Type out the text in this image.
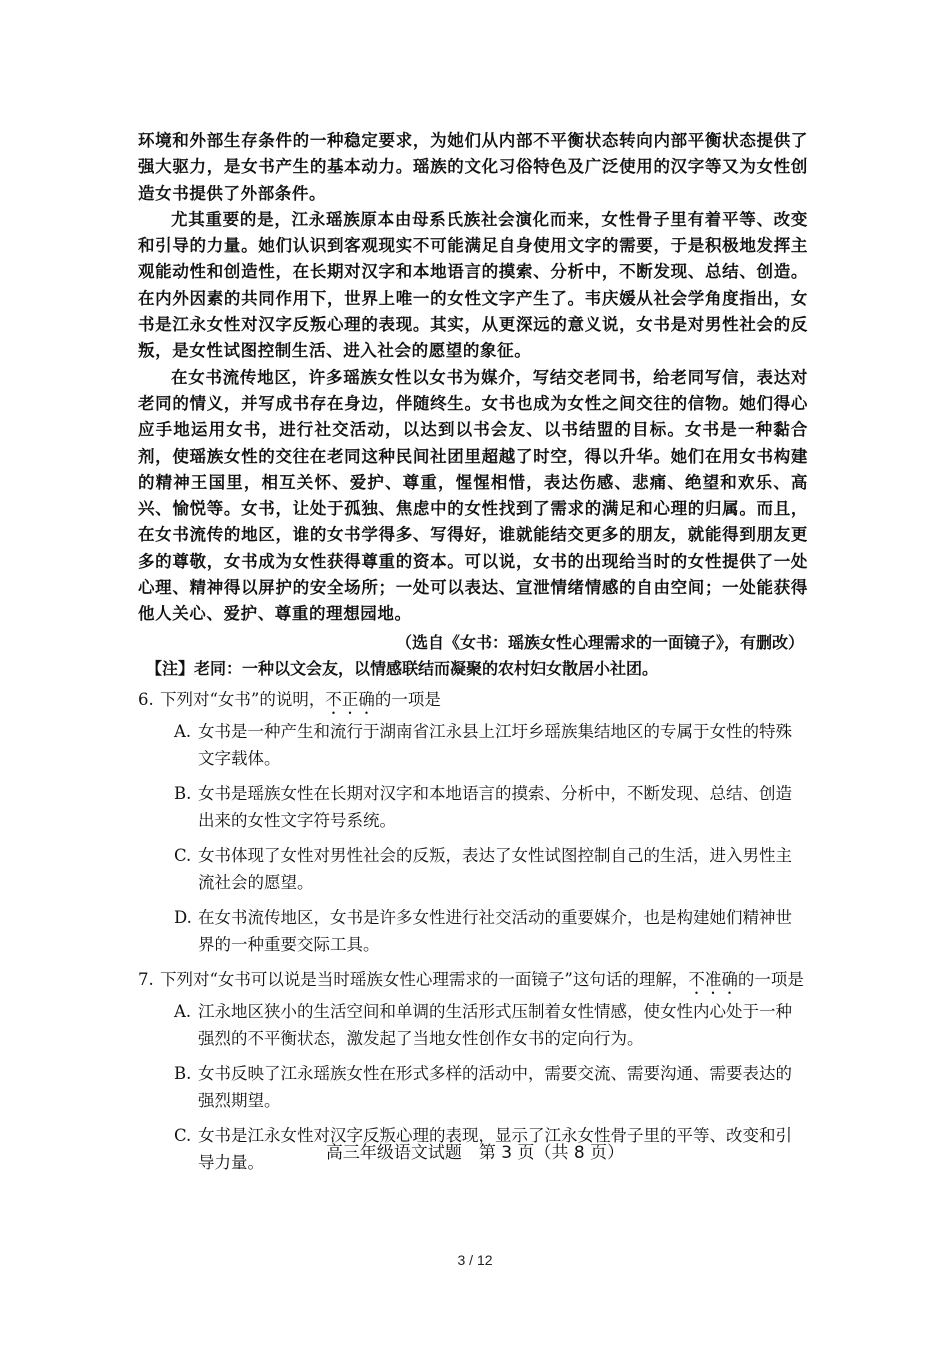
环境和外部生存条件的一种稳定要求，为她们从内部不平衡状态转向内部平衡状态提供了强大驱力，是女书产生的基本动力。瑶族的文化习俗特色及广泛使用的汉字等又为女性创造女书提供了外部条件。

尤其重要的是，江永瑶族原本由母系氏族社会演化而来，女性骨子里有着平等、改变和引导的力量。她们认识到客观现实不可能满足自身使用文字的需要，于是积极地发挥主观能动性和创造性，在长期对汉字和本地语言的摸索、分析中，不断发现、总结、创造。在内外因素的共同作用下，世界上唯一的女性文字产生了。韦庆媛从社会学角度指出，女书是江永女性对汉字反叛心理的表现。其实，从更深远的意义说，女书是对男性社会的反叛，是女性试图控制生活、进入社会的愿望的象征。

在女书流传地区，许多瑶族女性以女书为媒介，写结交老同书，给老同写信，表达对老同的情义，并写成书存在身边，伴随终生。女书也成为女性之间交往的信物。她们得心应手地运用女书，进行社交活动，以达到以书会友、以书结盟的目标。女书是一种黏合剂，使瑶族女性的交往在老同这种民间社团里超越了时空，得以升华。她们在用女书构建的精神王国里，相互关怀、爱护、尊重，惺惺相惜，表达伤感、悲痛、绝望和欢乐、高兴、愉悦等。女书，让处于孤独、焦虑中的女性找到了需求的满足和心理的归属。而且，在女书流传的地区，谁的女书学得多、写得好，谁就能结交更多的朋友，就能得到朋友更多的尊敬，女书成为女性获得尊重的资本。可以说，女书的出现给当时的女性提供了一处心理、精神得以屏护的安全场所；一处可以表达、宣泄情绪情感的自由空间；一处能获得他人关心、爱护、尊重的理想园地。

（选自《女书：瑶族女性心理需求的一面镜子》，有删改）

【注】老同：一种以文会友，以情感联结而凝聚的农村妇女散居小社团。

6. 下列对“女书”的说明，不正确的一项是
A. 女书是一种产生和流行于湖南省江永县上江圩乡瑶族集结地区的专属于女性的特殊文字载体。
B. 女书是瑶族女性在长期对汉字和本地语言的摸索、分析中，不断发现、总结、创造出来的女性文字符号系统。
C. 女书体现了女性对男性社会的反叛，表达了女性试图控制自己的生活，进入男性主流社会的愿望。
D. 在女书流传地区，女书是许多女性进行社交活动的重要媒介，也是构建她们精神世界的一种重要交际工具。
7. 下列对“女书可以说是当时瑶族女性心理需求的一面镜子”这句话的理解，不准确的一项是
A. 江永地区狭小的生活空间和单调的生活形式压制着女性情感，使女性内心处于一种强烈的不平衡状态，激发起了当地女性创作女书的定向行为。
B. 女书反映了江永瑶族女性在形式多样的活动中，需要交流、需要沟通、需要表达的强烈期望。
C. 女书是江永女性对汉字反叛心理的表现，显示了江永女性骨子里的平等、改变和引导力量。	高三年级语文试题　第 3 页（共 8 页）
3 / 12
